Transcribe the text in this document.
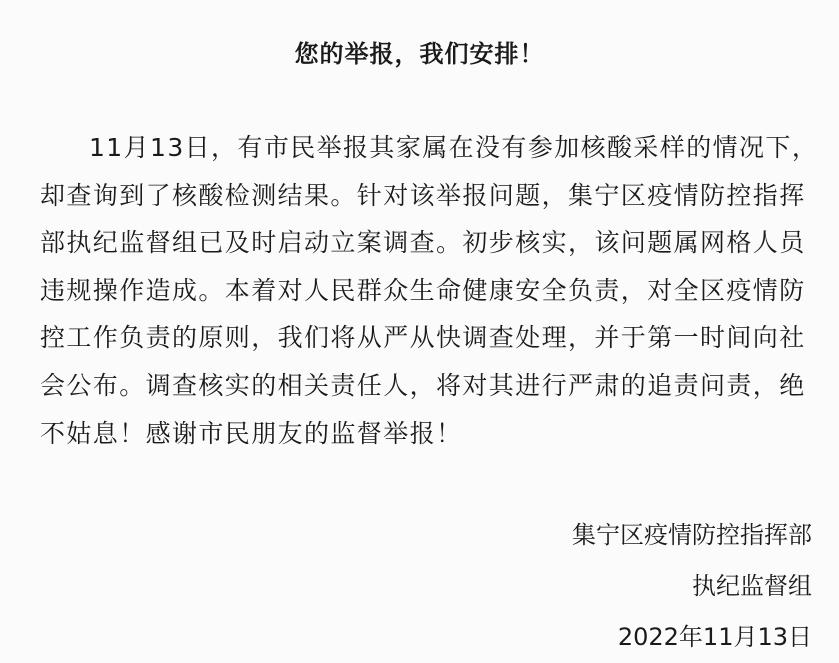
您的举报，我们安排！
11月13日，有市民举报其家属在没有参加核酸采样的情况下，
却查询到了核酸检测结果。针对该举报问题，集宁区疫情防控指挥
部执纪监督组已及时启动立案调查。初步核实，该问题属网格人员
违规操作造成。本着对人民群众生命健康安全负责，对全区疫情防
控工作负责的原则，我们将从严从快调查处理，并于第一时间向社
会公布。调查核实的相关责任人，将对其进行严肃的追责问责，绝
不姑息！感谢市民朋友的监督举报！
集宁区疫情防控指挥部
执纪监督组
2022年11月13日
